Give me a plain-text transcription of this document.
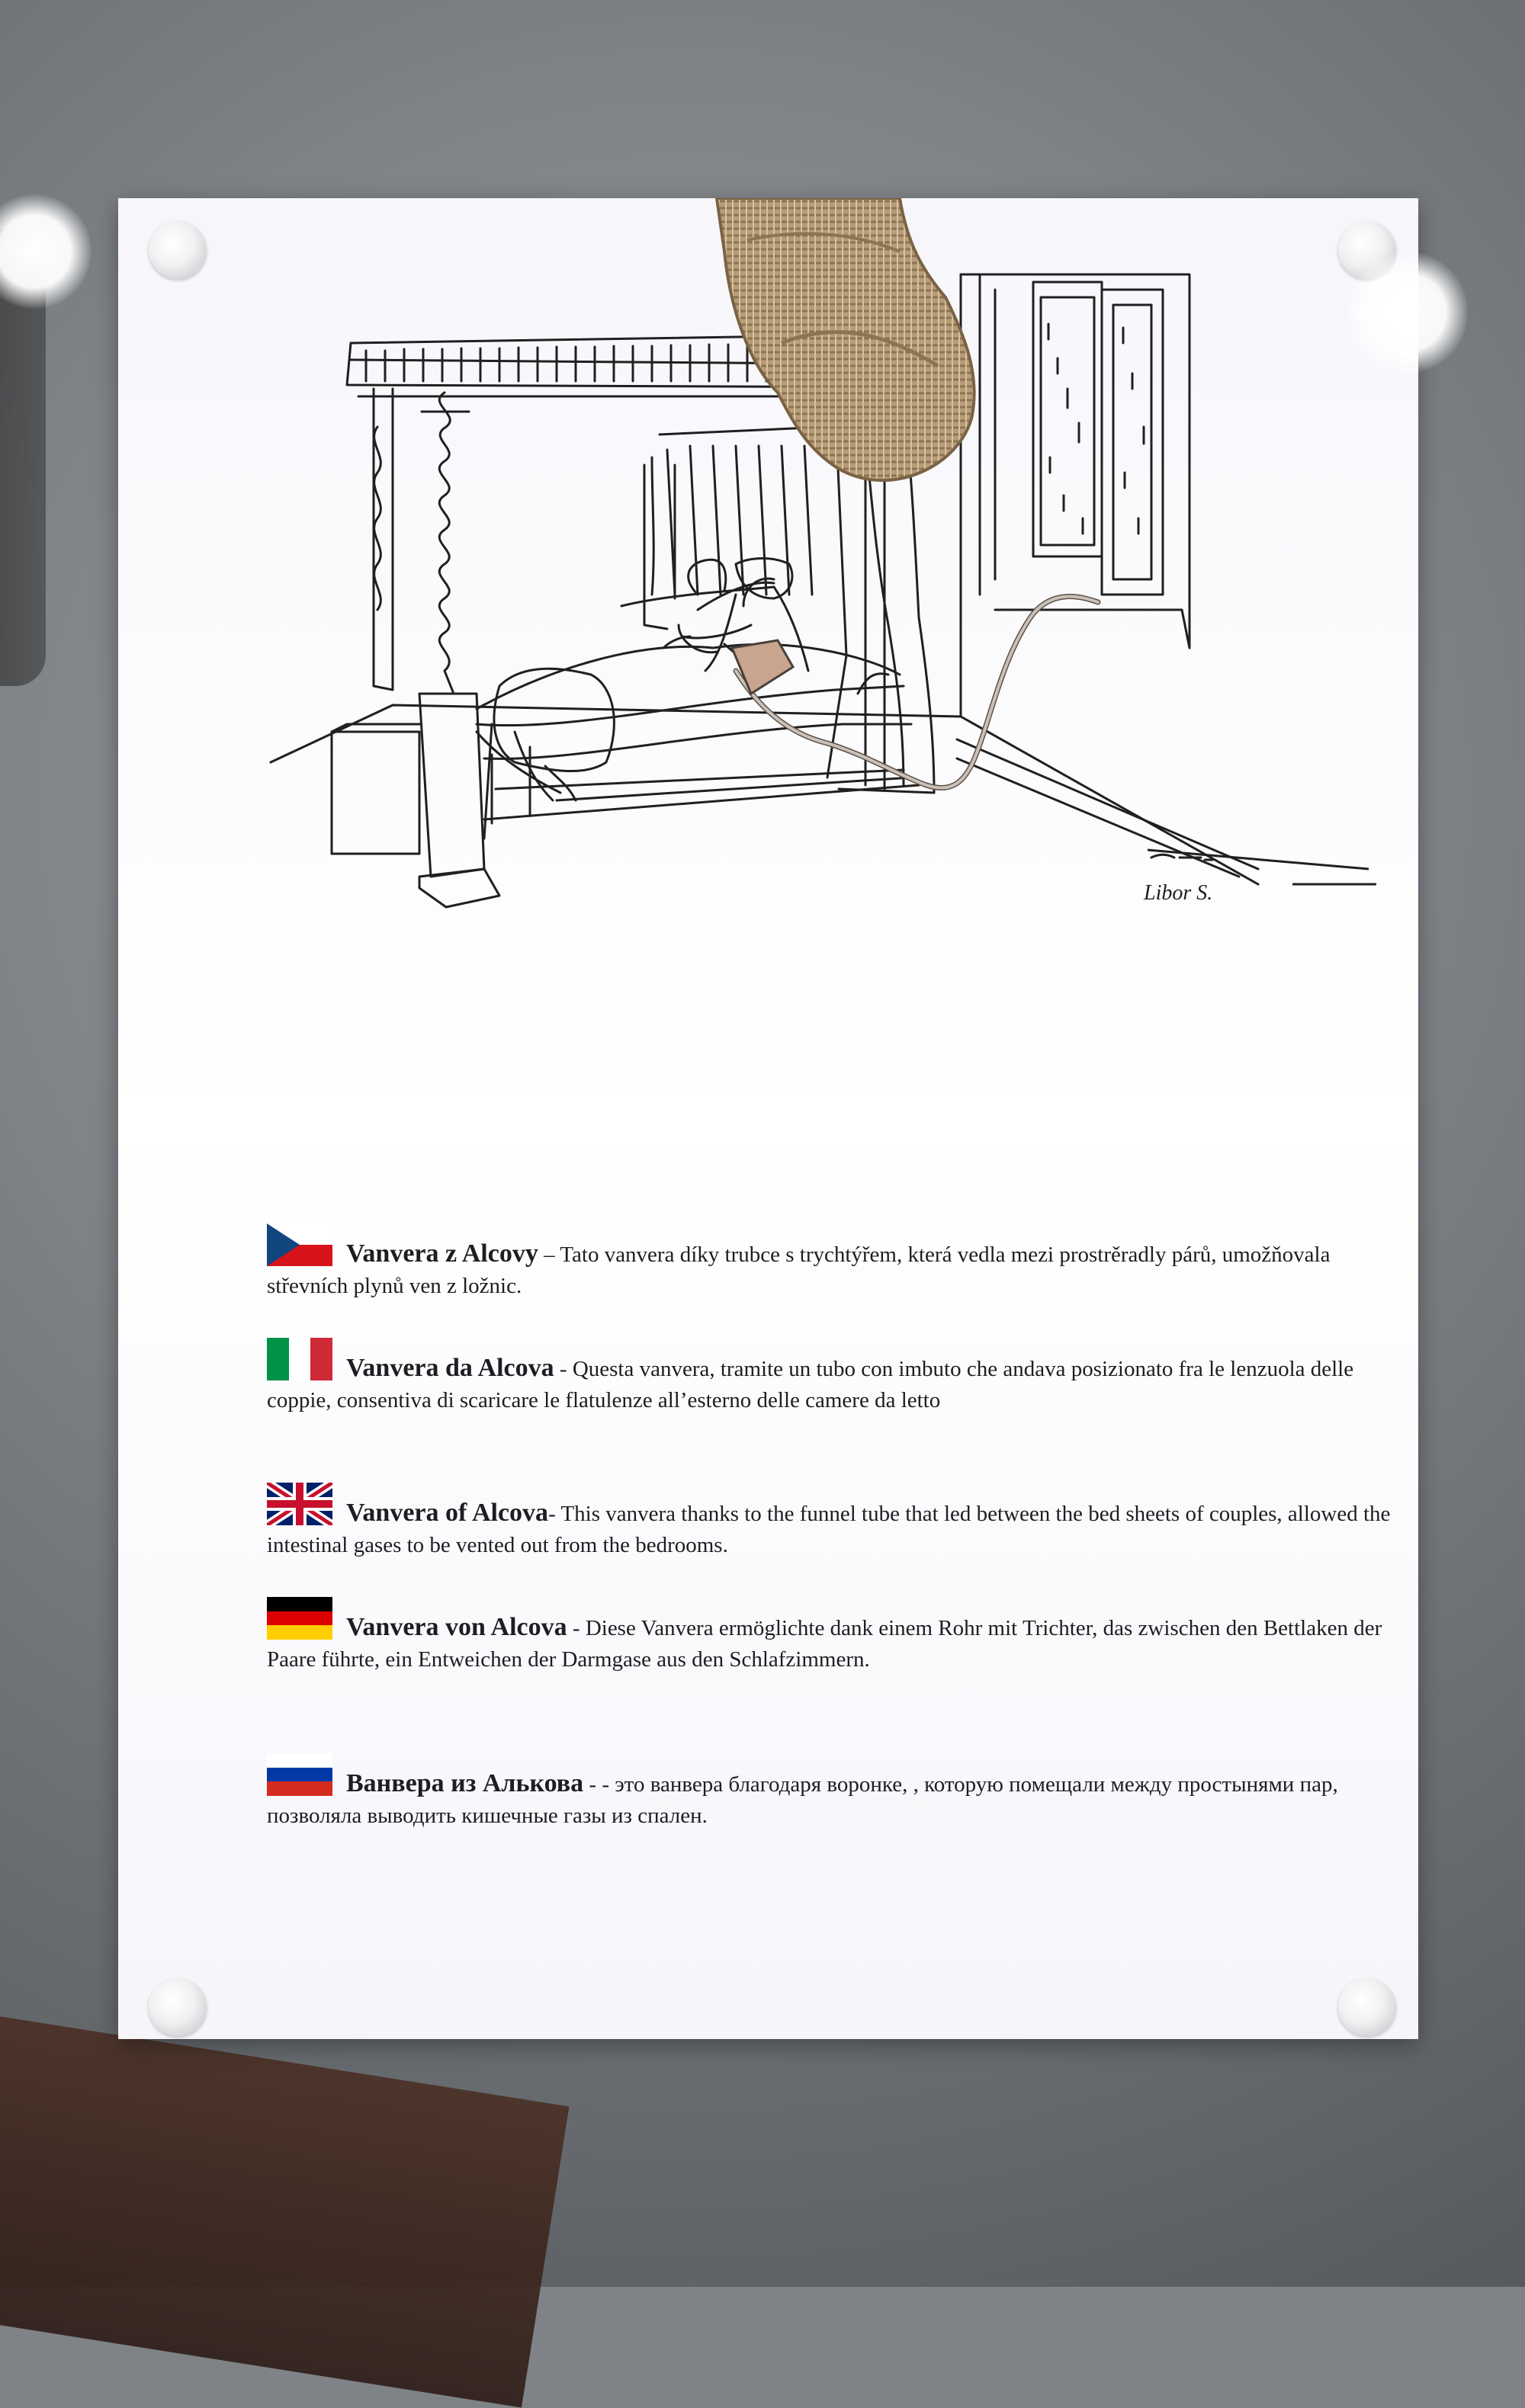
Libor S.

Vanvera z Alcovy – Tato vanvera díky trubce s trychtýřem, která vedla mezi prostrěradly párů, umožňovala střevních plynů ven z ložnic.

Vanvera da Alcova - Questa vanvera, tramite un tubo con imbuto che andava posizionato fra le lenzuola delle coppie, consentiva di scaricare le flatulenze all’esterno delle camere da letto

Vanvera of Alcova- This vanvera thanks to the funnel tube that led between the bed sheets of couples, allowed the intestinal gases to be vented out from the bedrooms.

Vanvera von Alcova - Diese Vanvera ermöglichte dank einem Rohr mit Trichter, das zwischen den Bettlaken der Paare führte, ein Entweichen der Darmgase aus den Schlafzimmern.

Ванвера из Алькова - - это ванвера благодаря воронке, , которую помещали между простынями пар, позволяла выводить кишечные газы из спален.
